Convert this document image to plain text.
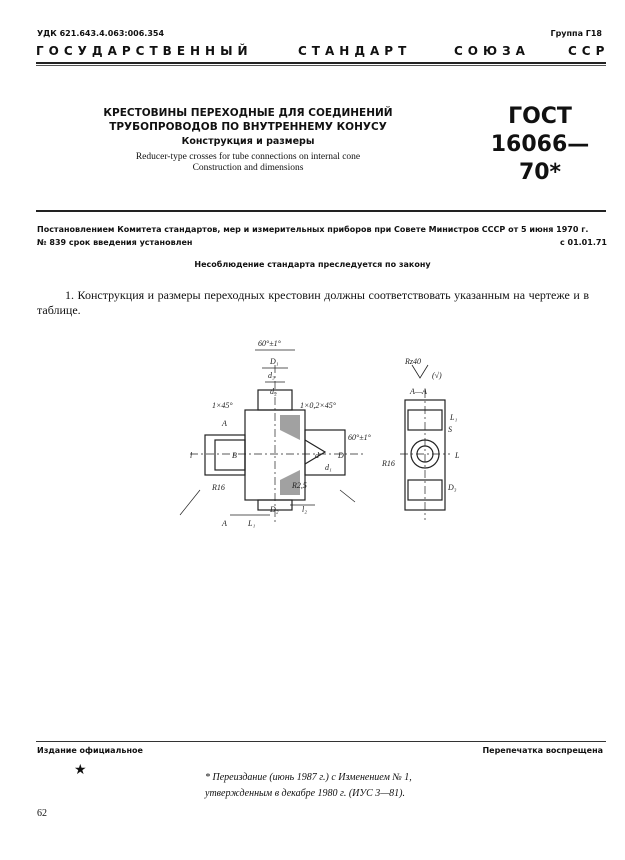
УДК 621.643.4.063:006.354	Группа Г18
ГОСУДАРСТВЕННЫЙ	СТАНДАРТ	СОЮЗА	ССР
КРЕСТОВИНЫ ПЕРЕХОДНЫЕ ДЛЯ СОЕДИНЕНИЙ
ТРУБОПРОВОДОВ ПО ВНУТРЕННЕМУ КОНУСУ
Конструкция и размеры
Reducer-type crosses for tube connections on internal cone
Construction and dimensions
ГОСТ
16066—70*
Постановлением Комитета стандартов, мер и измерительных приборов при Совете Министров СССР от 5 июня 1970 г.
№ 839 срок введения установлен	с 01.01.71
Несоблюдение стандарта преследуется по закону
1. Конструкция и размеры переходных крестовин должны соответствовать указанным на чертеже и в таблице.
60°±1°
D₁
d₃
d₂
1×45°
A
l	B
R16
D
d
d₁
60°±1°
R2,5
D₂	l₂
L₁
A
1×0,2×45°
Rz40
(√)
A—A
L₁
S
L
R16
D₃
Издание официальное	Перепечатка воспрещена
★	* Переиздание (июнь 1987 г.) с Изменением № 1,
утвержденным в декабре 1980 г. (ИУС 3—81).
62
